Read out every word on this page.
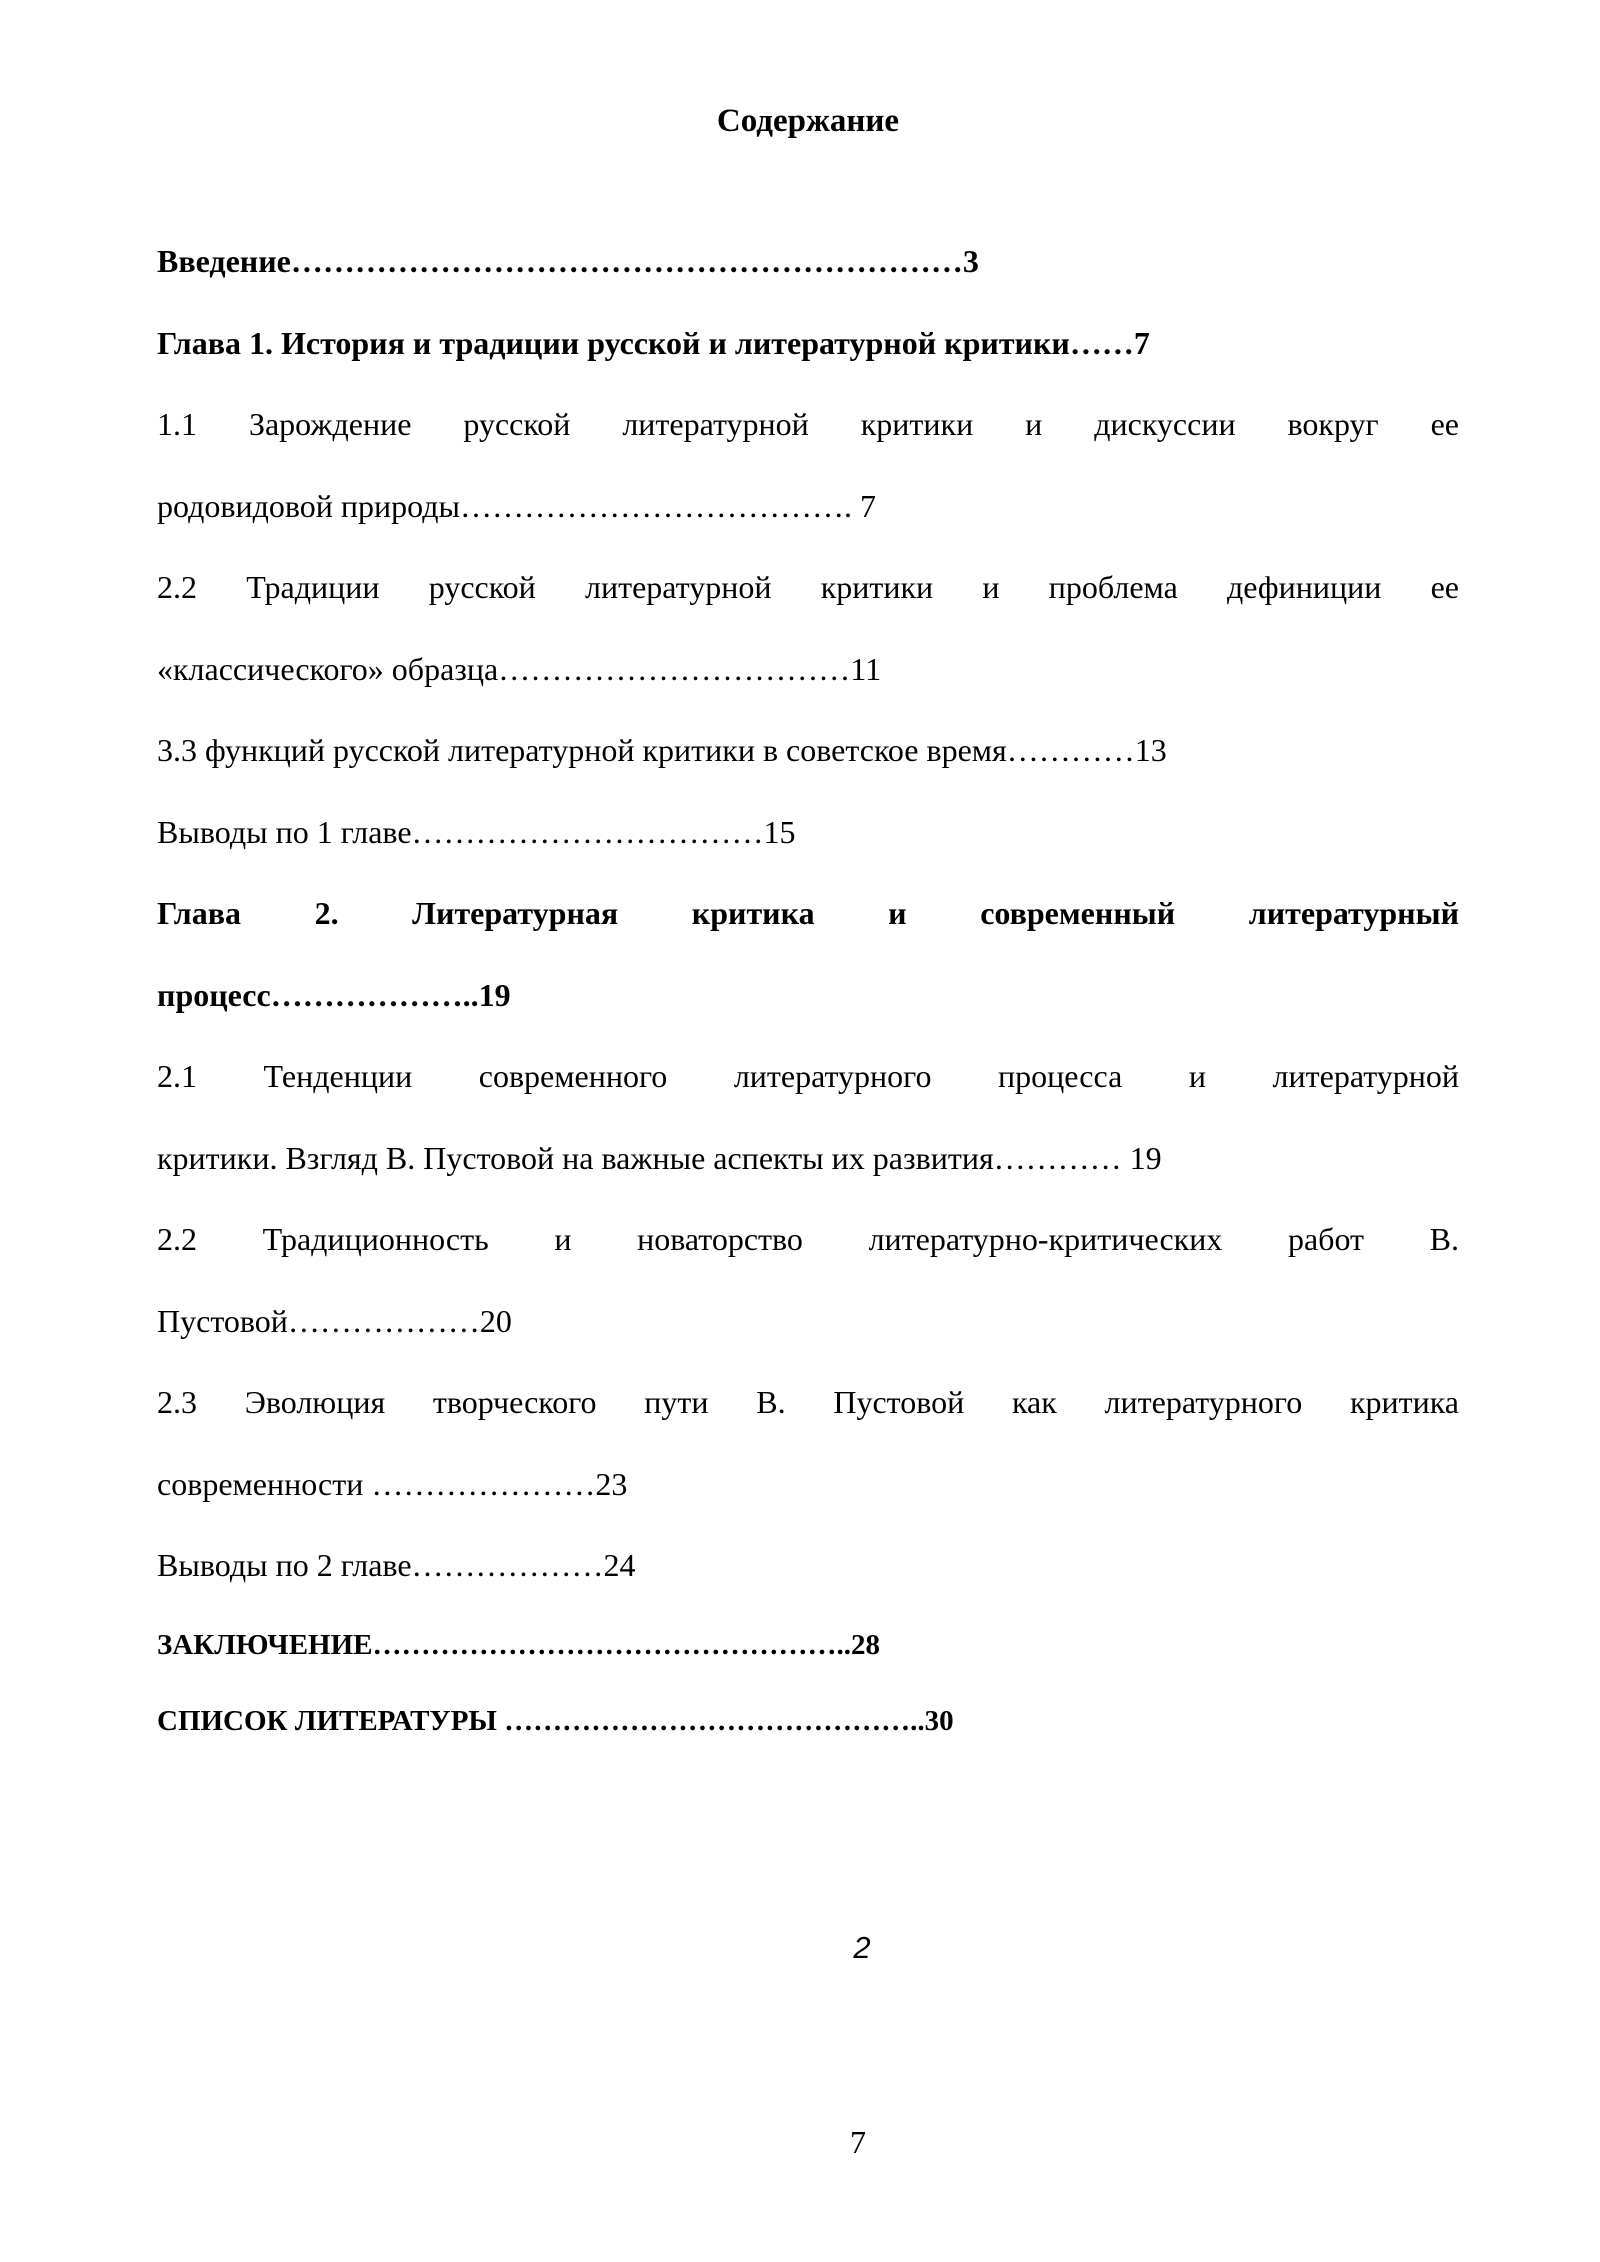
Содержание
Введение………………………………………………………3
Глава 1. История и традиции русской и литературной критики……7
1.1 Зарождение русской литературной критики и дискуссии вокруг ее
родовидовой природы………………………………. 7
2.2 Традиции русской литературной критики и проблема дефиниции ее
«классического» образца……………………………11
3.3 функций русской литературной критики в советское время…………13
Выводы по 1 главе……………………………15
Глава 2. Литературная критика и современный литературный
процесс………………..19
2.1 Тенденции современного литературного процесса и литературной
критики. Взгляд В. Пустовой на важные аспекты их развития………… 19
2.2 Традиционность и новаторство литературно-критических работ В.
Пустовой………………20
2.3 Эволюция творческого пути В. Пустовой как литературного критика
современности …………………23
Выводы по 2 главе………………24
ЗАКЛЮЧЕНИЕ…………………………………………..28
СПИСОК ЛИТЕРАТУРЫ ……………………………………..30
2
7
